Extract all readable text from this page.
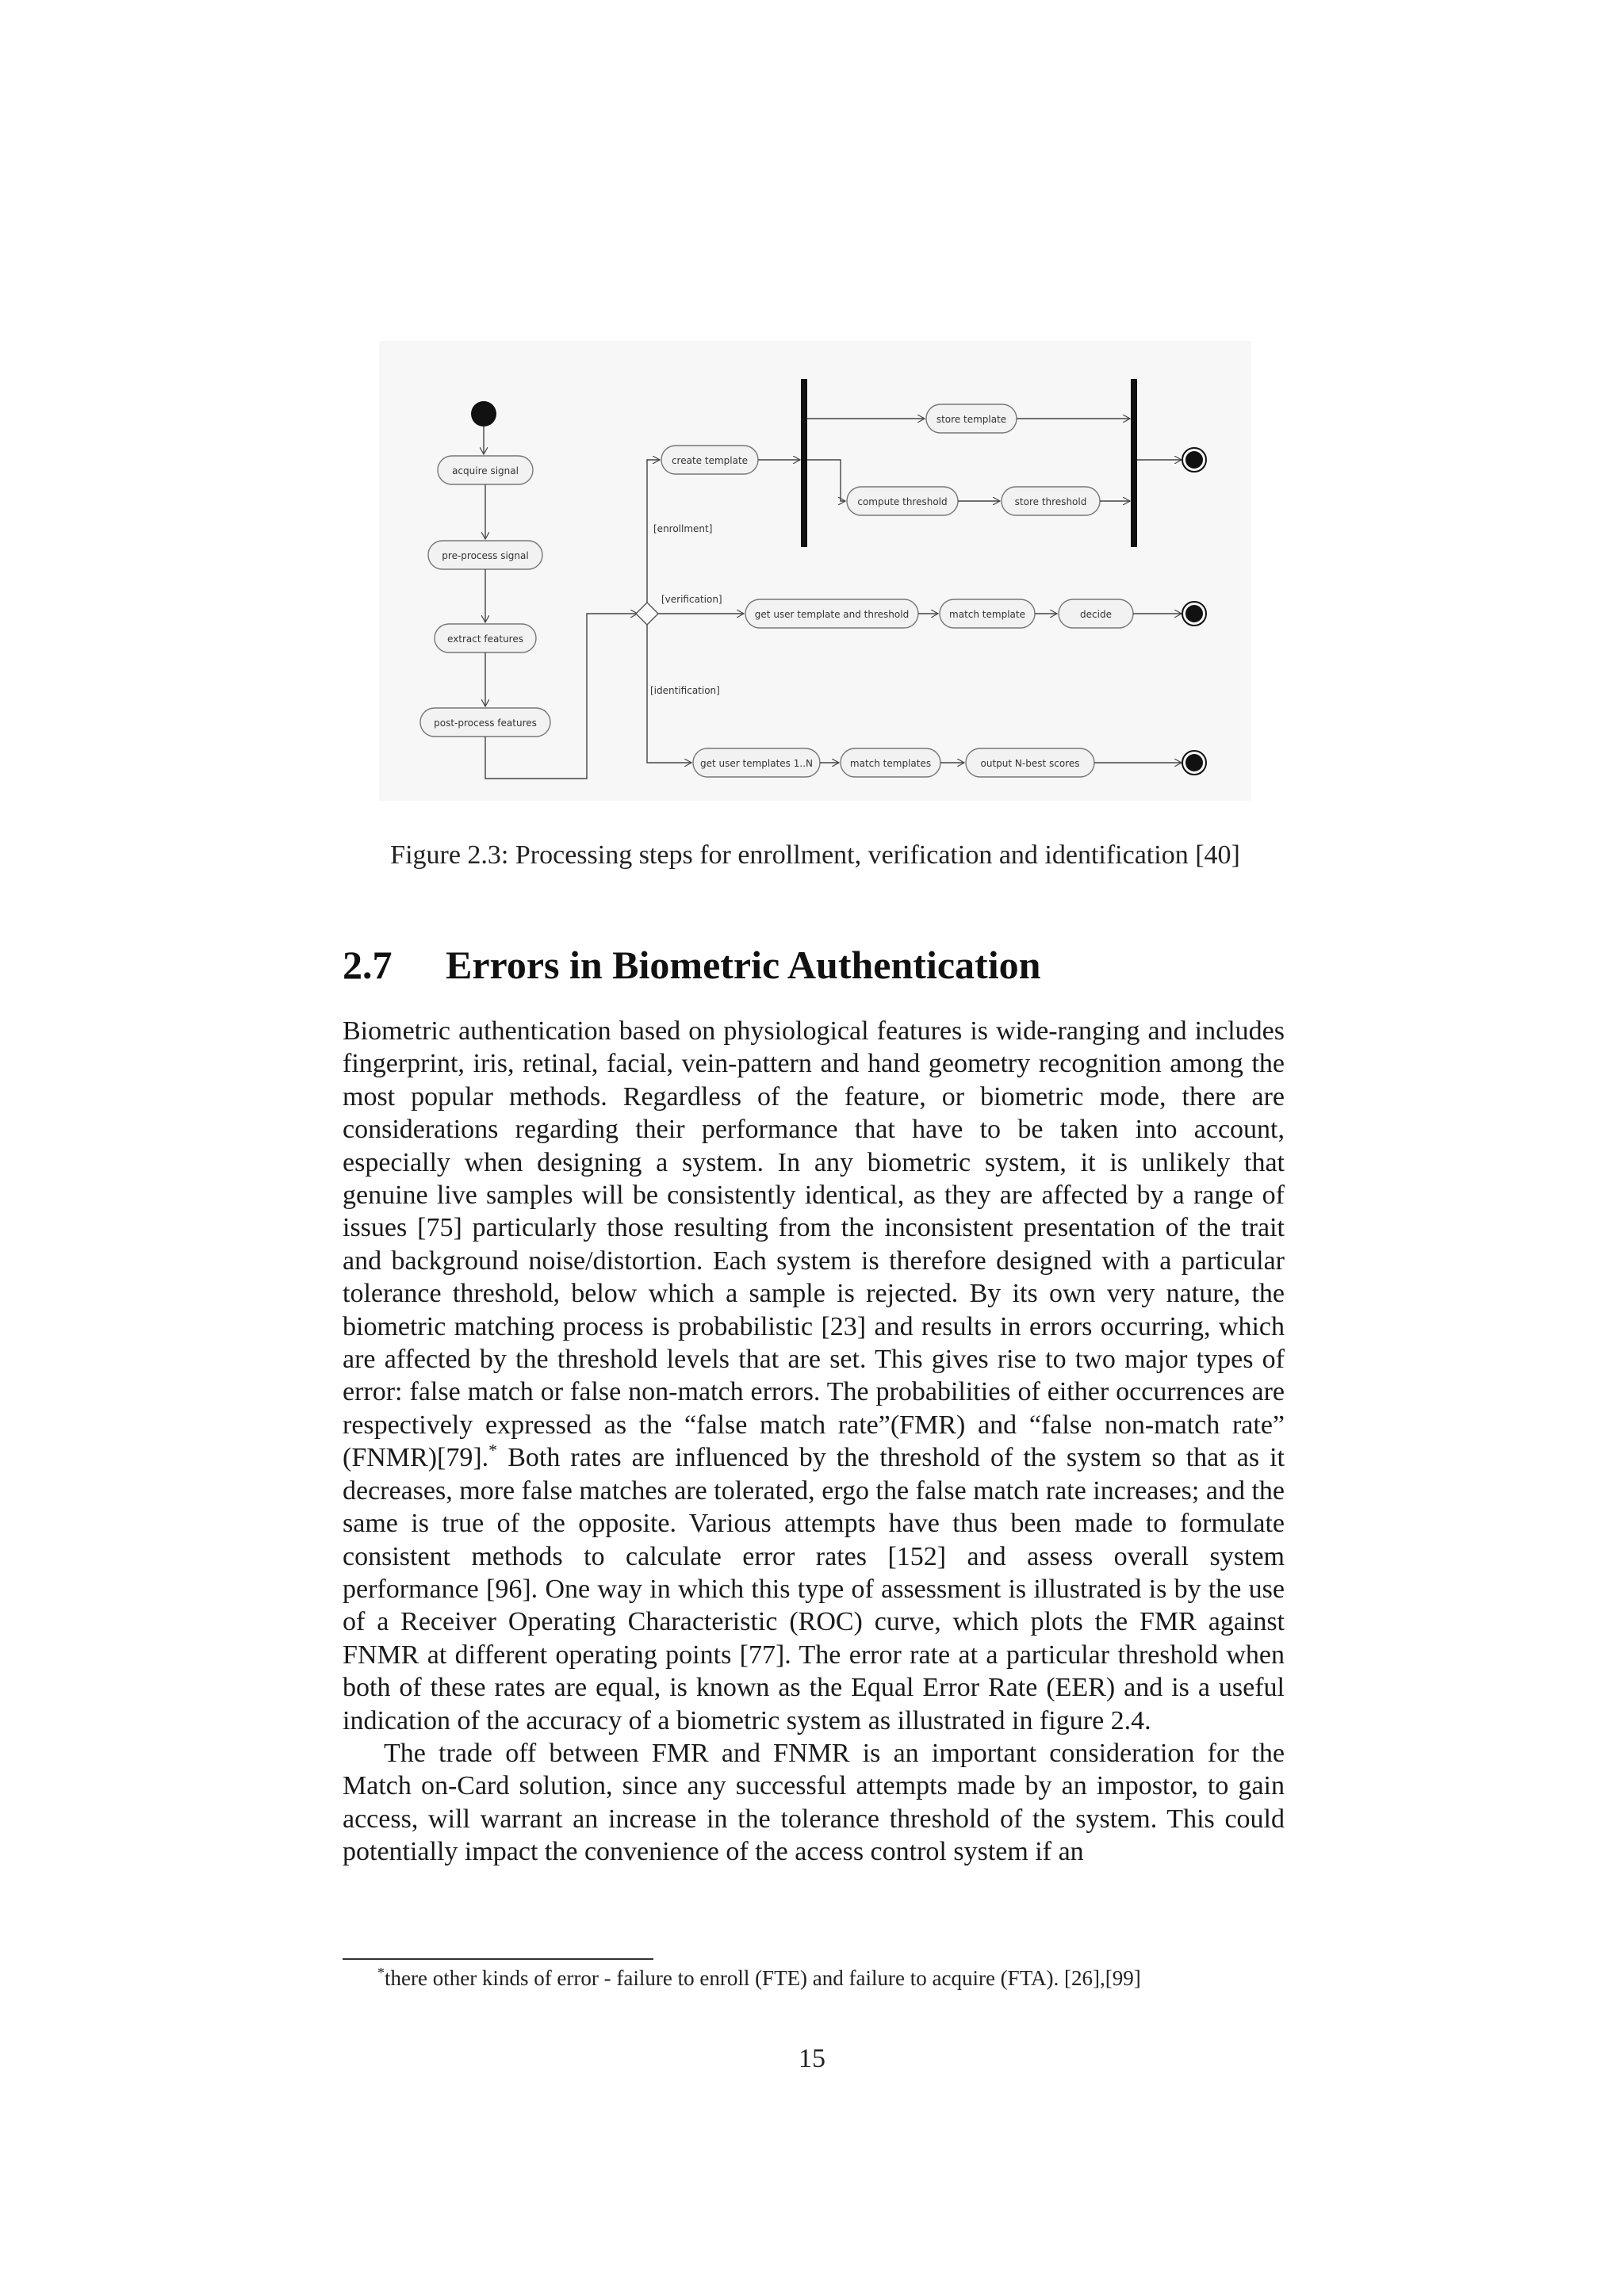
acquire signal
pre-process signal
extract features
post-process features
[enrollment]
create template
store template
compute threshold	store threshold
[verification]
get user template and threshold	match template	decide
[identification]
get user templates 1..N	match templates	output N-best scores
Figure 2.3: Processing steps for enrollment, verification and identification [40]
2.7 Errors in Biometric Authentication

Biometric authentication based on physiological features is wide-ranging and includes fingerprint, iris, retinal, facial, vein-pattern and hand geometry recognition among the most popular methods. Regardless of the feature, or biometric mode, there are considerations regarding their performance that have to be taken into account, especially when designing a system. In any biometric system, it is unlikely that genuine live samples will be consistently identical, as they are affected by a range of issues [75] particularly those resulting from the inconsistent presentation of the trait and background noise/distortion. Each system is therefore designed with a particular tolerance threshold, below which a sample is rejected. By its own very nature, the biometric matching process is probabilistic [23] and results in errors occurring, which are affected by the threshold levels that are set. This gives rise to two major types of error: false match or false non-match errors. The probabilities of either occurrences are respectively expressed as the “false match rate”(FMR) and “false non-match rate” (FNMR)[79].* Both rates are influenced by the threshold of the system so that as it decreases, more false matches are tolerated, ergo the false match rate increases; and the same is true of the opposite. Various attempts have thus been made to formulate consistent methods to calculate error rates [152] and assess overall system performance [96]. One way in which this type of assessment is illustrated is by the use of a Receiver Operating Characteristic (ROC) curve, which plots the FMR against FNMR at different operating points [77]. The error rate at a particular threshold when both of these rates are equal, is known as the Equal Error Rate (EER) and is a useful indication of the accuracy of a biometric system as illustrated in figure 2.4.

The trade off between FMR and FNMR is an important consideration for the Match on-Card solution, since any successful attempts made by an impostor, to gain access, will warrant an increase in the tolerance threshold of the system. This could potentially impact the convenience of the access control system if an

*there other kinds of error - failure to enroll (FTE) and failure to acquire (FTA). [26],[99]
15
